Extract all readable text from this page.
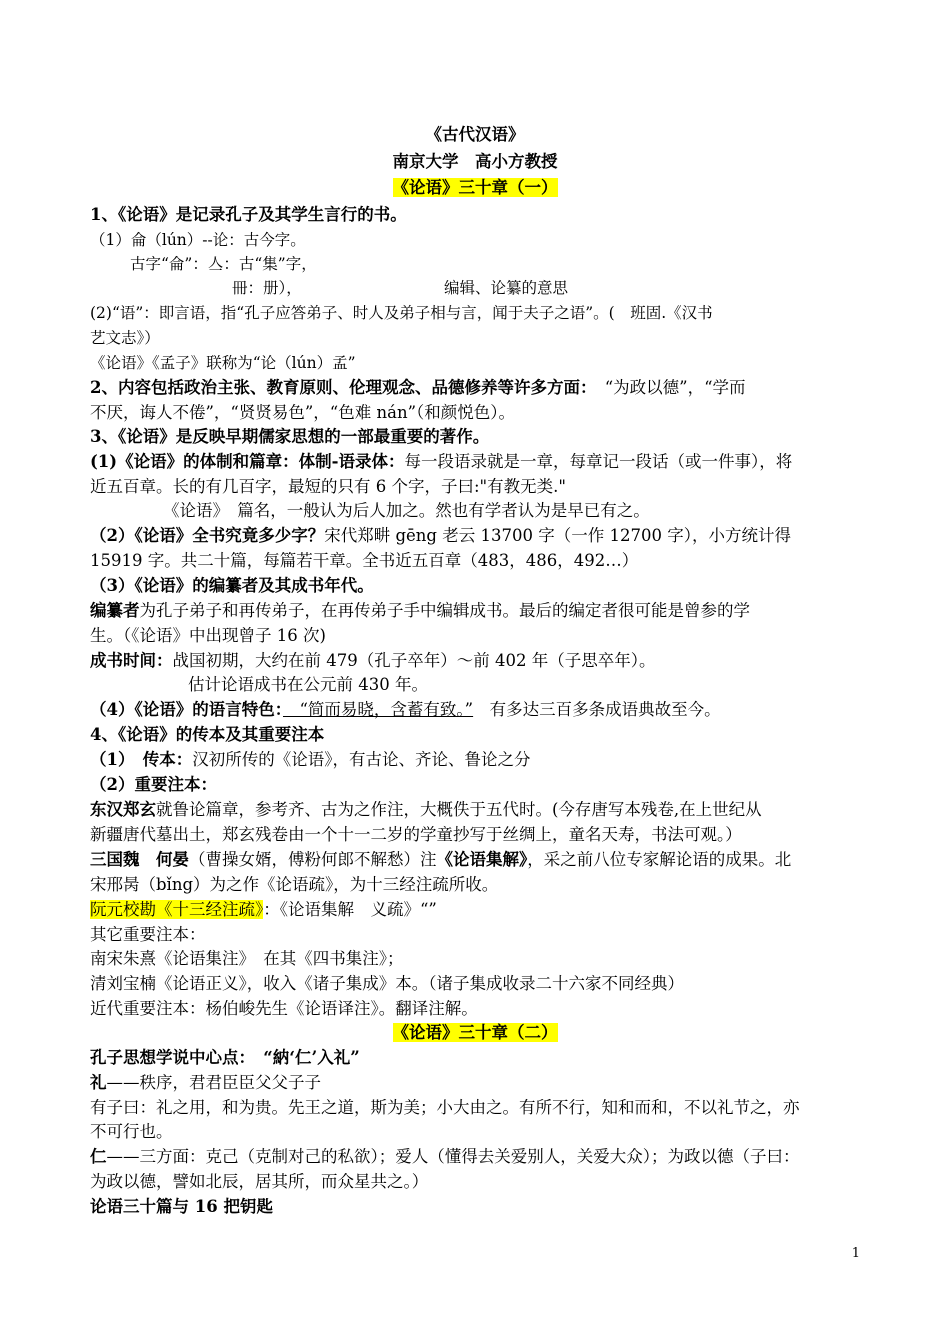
《古代汉语》
南京大学　高小方教授
《论语》三十章（一）
1、《论语》是记录孔子及其学生言行的书。
（1）侖（lún）--论：古今字。
古字“侖”：亼：古“集”字，
冊：册），	编辑、论纂的意思
(2)“语”：即言语，指“孔子应答弟子、时人及弟子相与言，闻于夫子之语”。(　班固.《汉书
艺文志》）
《论语》《孟子》联称为“论（lún）孟”
2、内容包括政治主张、教育原则、伦理观念、品德修养等许多方面：　“为政以德”，“学而
不厌，诲人不倦”，“贤贤易色”，“色难 nán”（和颜悦色）。
3、《论语》是反映早期儒家思想的一部最重要的著作。
(1)《论语》的体制和篇章：体制-语录体：每一段语录就是一章，每章记一段话（或一件事），将
近五百章。长的有几百字，最短的只有 6 个字，子曰:"有教无类."
《论语》　篇名，一般认为后人加之。然也有学者认为是早已有之。
（2）《论语》全书究竟多少字？宋代郑畊 gēng 老云 13700 字（一作 12700 字），小方统计得
15919 字。共二十篇，每篇若干章。全书近五百章（483，486，492…）
（3）《论语》的编纂者及其成书年代。
编纂者为孔子弟子和再传弟子，在再传弟子手中编辑成书。最后的编定者很可能是曾参的学
生。（《论语》中出现曾子 16 次)
成书时间：战国初期，大约在前 479（孔子卒年）～前 402 年（子思卒年）。
估计论语成书在公元前 430 年。
（4）《论语》的语言特色：　“简而易晓，含蓄有致。”　有多达三百多条成语典故至今。
4、《论语》的传本及其重要注本
（1）　传本：汉初所传的《论语》，有古论、齐论、鲁论之分
（2）重要注本：
东汉郑玄就鲁论篇章，参考齐、古为之作注，大概佚于五代时。(今存唐写本残卷,在上世纪从
新疆唐代墓出土，郑玄残卷由一个十一二岁的学童抄写于丝绸上，童名天寿，书法可观。）
三国魏　何晏（曹操女婿，傅粉何郎不解愁）注《论语集解》，采之前八位专家解论语的成果。北
宋邢昺（bǐng）为之作《论语疏》，为十三经注疏所收。
阮元校勘《十三经注疏》：《论语集解　义疏》“”
其它重要注本：
南宋朱熹《论语集注》　在其《四书集注》；
清刘宝楠《论语正义》，收入《诸子集成》本。（诸子集成收录二十六家不同经典）
近代重要注本：杨伯峻先生《论语译注》。翻译注解。
《论语》三十章（二）
孔子思想学说中心点：　“納‘仁’入礼”
礼——秩序，君君臣臣父父子子
有子曰：礼之用，和为贵。先王之道，斯为美；小大由之。有所不行，知和而和，不以礼节之，亦
不可行也。
仁——三方面：克己（克制对己的私欲）；爱人（懂得去关爱别人，关爱大众）；为政以德（子曰：
为政以德，譬如北辰，居其所，而众星共之。）
论语三十篇与 16 把钥匙
1
